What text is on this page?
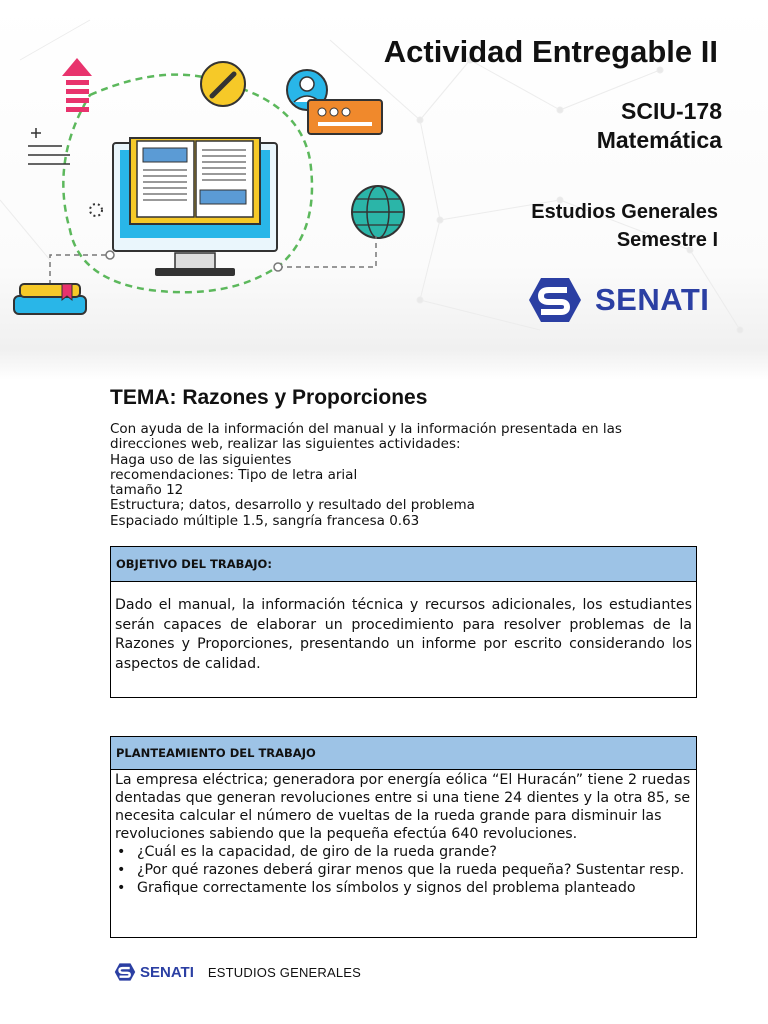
Actividad Entregable II
SCIU-178
Matemática
Estudios Generales
Semestre I
SENATI
TEMA: Razones y Proporciones
Con ayuda de la información del manual y la información presentada en las
direcciones web, realizar las siguientes actividades:
Haga uso de las siguientes
recomendaciones: Tipo de letra arial
tamaño 12
Estructura; datos, desarrollo y resultado del problema
Espaciado múltiple 1.5, sangría francesa 0.63
OBJETIVO DEL TRABAJO:
Dado el manual, la información técnica y recursos adicionales, los estudiantes serán capaces de elaborar un procedimiento para resolver problemas de la Razones y Proporciones, presentando un informe por escrito considerando los aspectos de calidad.
PLANTEAMIENTO DEL TRABAJO

La empresa eléctrica; generadora por energía eólica “El Huracán” tiene 2 ruedas dentadas que generan revoluciones entre si una tiene 24 dientes y la otra 85, se necesita calcular el número de vueltas de la rueda grande para disminuir las revoluciones sabiendo que la pequeña efectúa 640 revoluciones.

• ¿Cuál es la capacidad, de giro de la rueda grande?
• ¿Por qué razones deberá girar menos que la rueda pequeña? Sustentar resp.
• Grafique correctamente los símbolos y signos del problema planteado
SENATI ESTUDIOS GENERALES
